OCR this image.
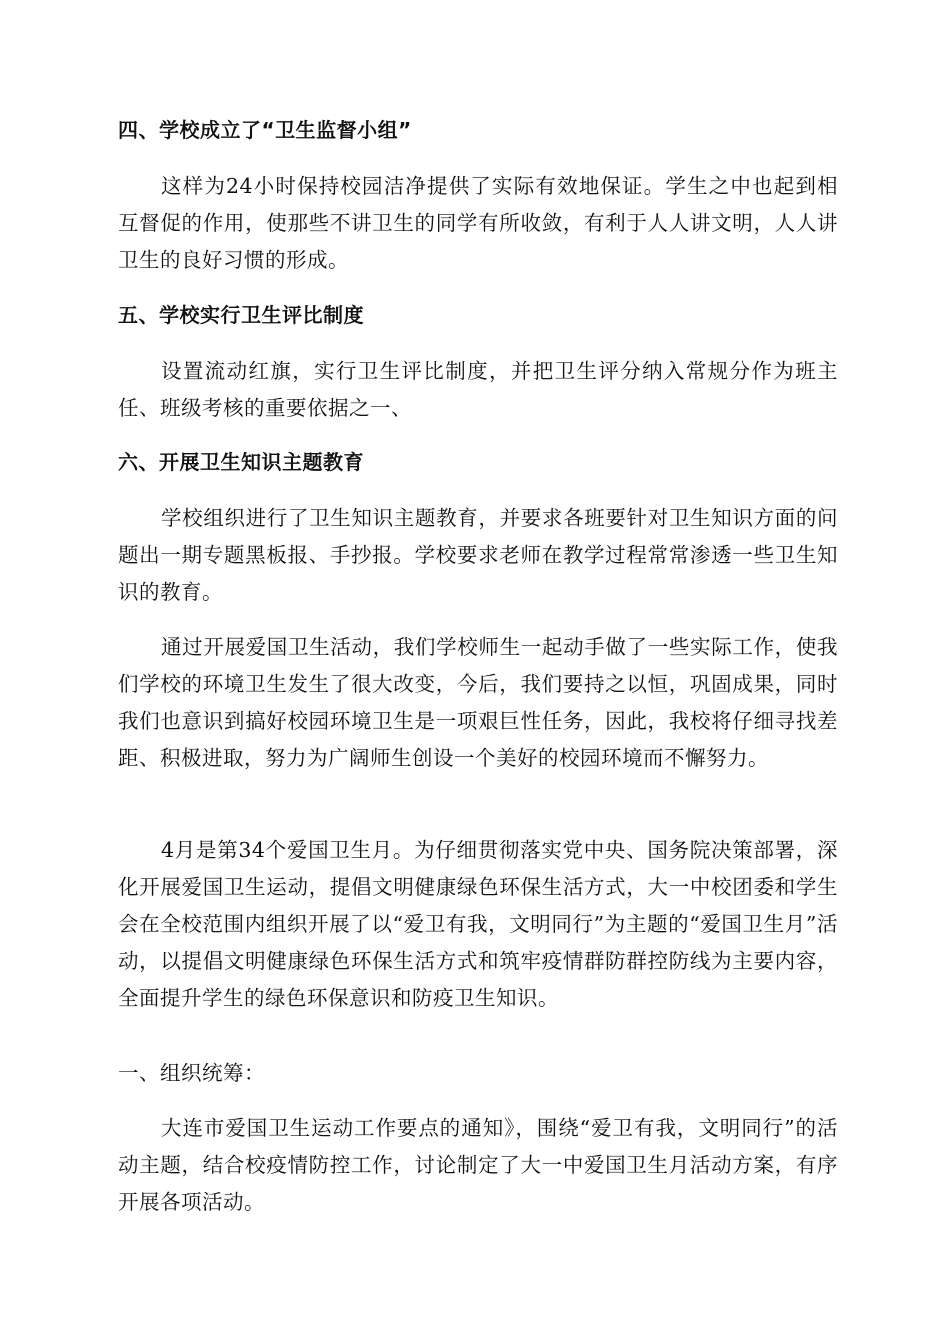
四、学校成立了“卫生监督小组”

这样为24小时保持校园洁净提供了实际有效地保证。学生之中也起到相互督促的作用，使那些不讲卫生的同学有所收敛，有利于人人讲文明，人人讲卫生的良好习惯的形成。

五、学校实行卫生评比制度

设置流动红旗，实行卫生评比制度，并把卫生评分纳入常规分作为班主任、班级考核的重要依据之一、

六、开展卫生知识主题教育

学校组织进行了卫生知识主题教育，并要求各班要针对卫生知识方面的问题出一期专题黑板报、手抄报。学校要求老师在教学过程常常渗透一些卫生知识的教育。

通过开展爱国卫生活动，我们学校师生一起动手做了一些实际工作，使我们学校的环境卫生发生了很大改变，今后，我们要持之以恒，巩固成果，同时我们也意识到搞好校园环境卫生是一项艰巨性任务，因此，我校将仔细寻找差距、积极进取，努力为广阔师生创设一个美好的校园环境而不懈努力。

4月是第34个爱国卫生月。为仔细贯彻落实党中央、国务院决策部署，深化开展爱国卫生运动，提倡文明健康绿色环保生活方式，大一中校团委和学生会在全校范围内组织开展了以“爱卫有我，文明同行”为主题的“爱国卫生月”活动，以提倡文明健康绿色环保生活方式和筑牢疫情群防群控防线为主要内容，全面提升学生的绿色环保意识和防疫卫生知识。

一、组织统筹：

大连市爱国卫生运动工作要点的通知》，围绕“爱卫有我，文明同行”的活动主题，结合校疫情防控工作，讨论制定了大一中爱国卫生月活动方案，有序开展各项活动。
